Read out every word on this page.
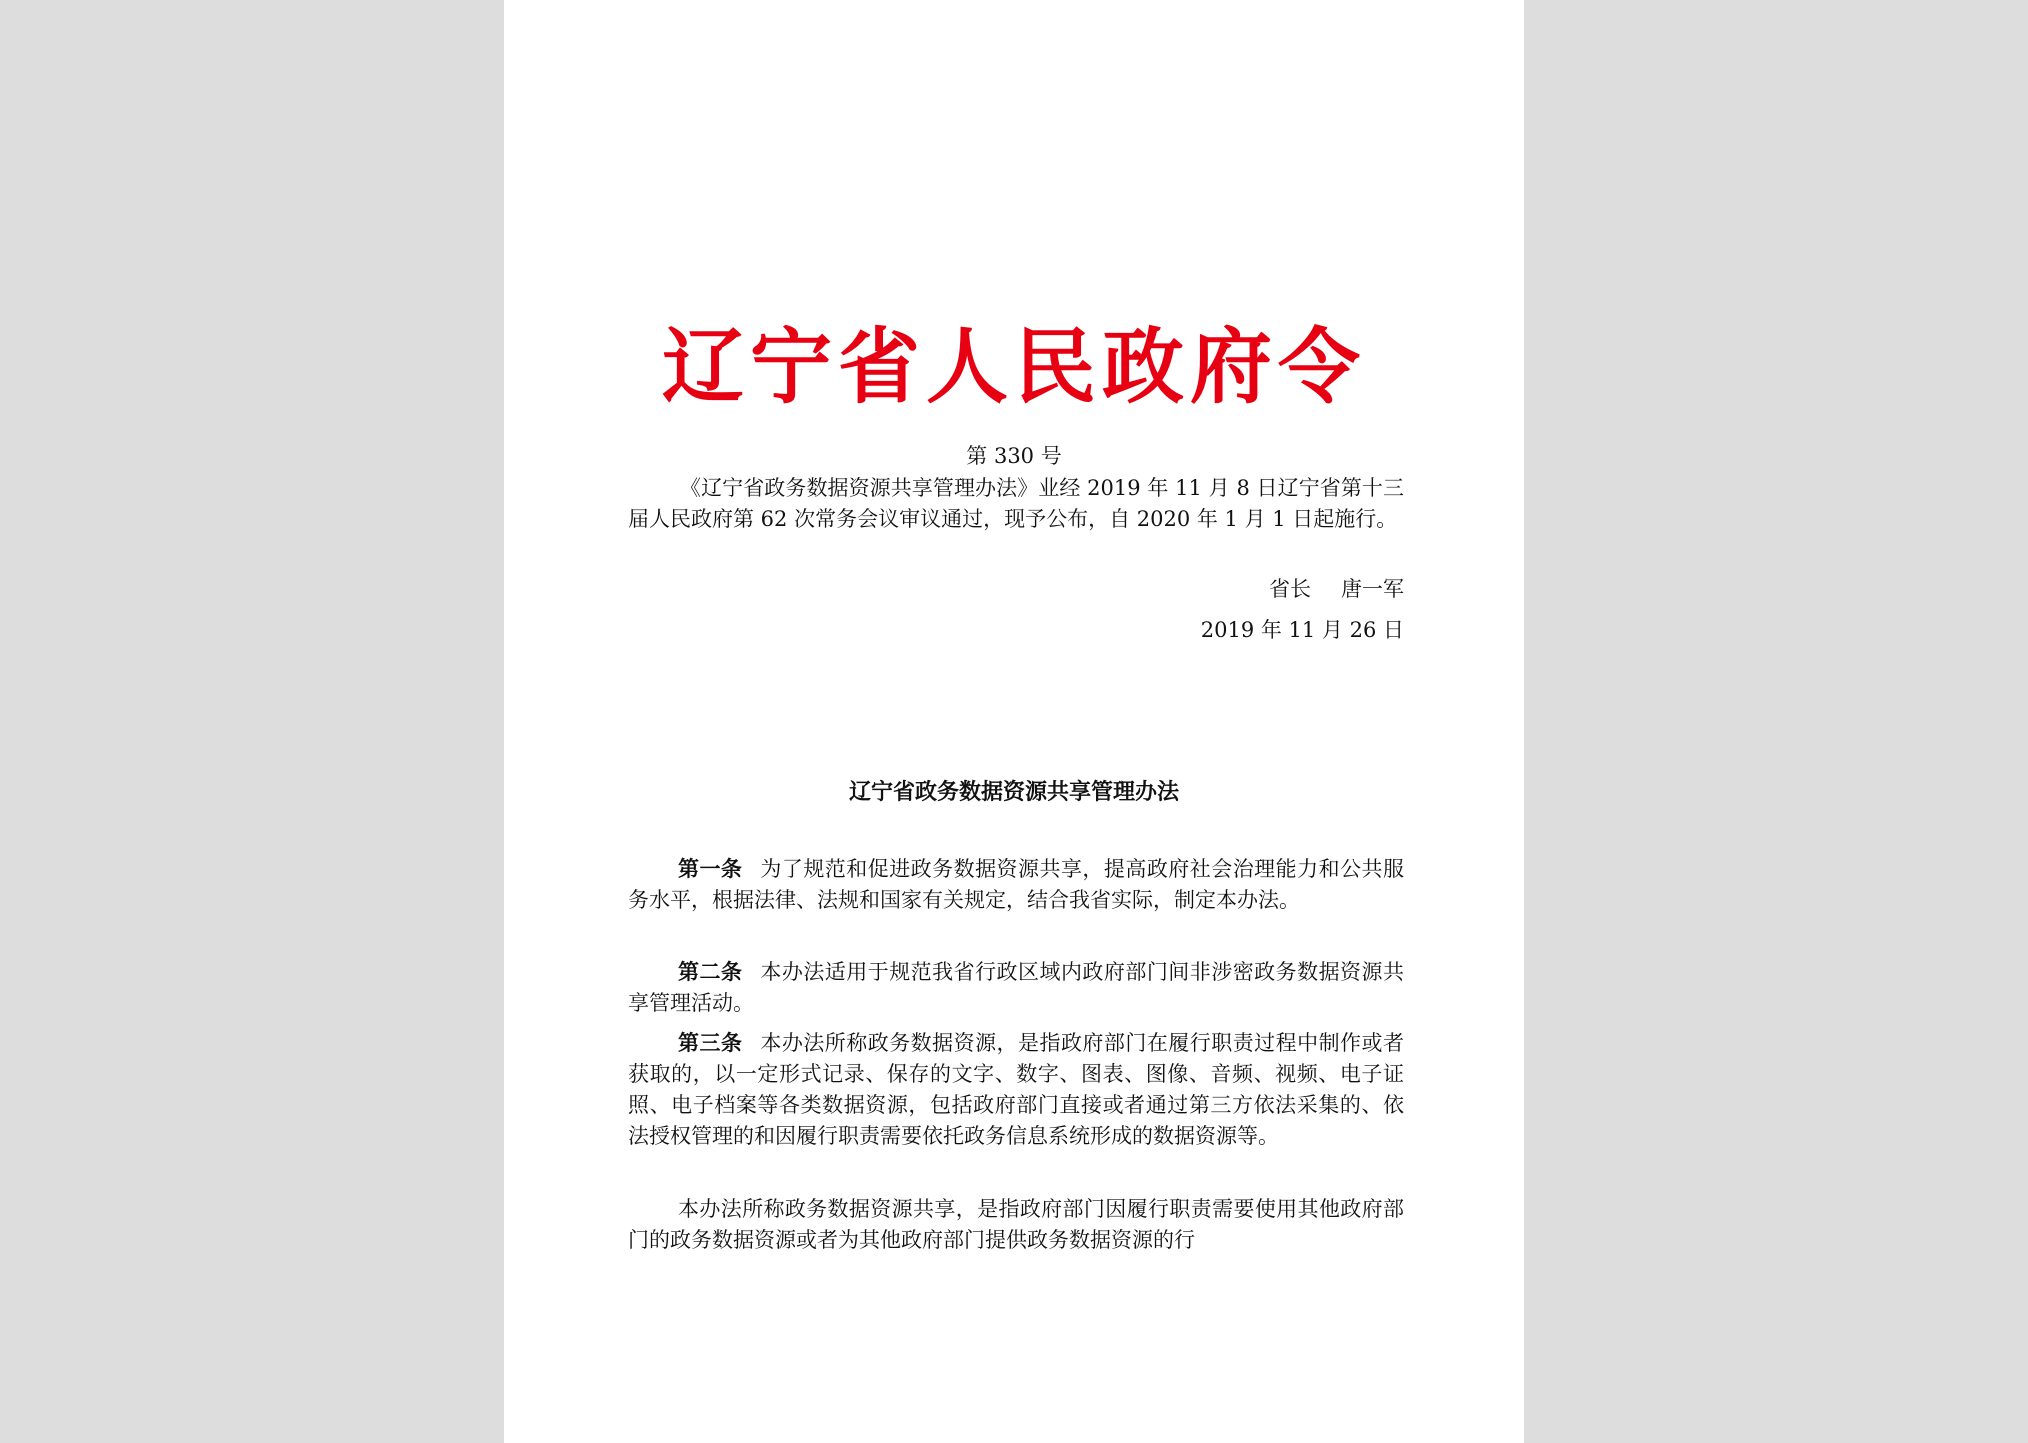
辽宁省人民政府令
第 330 号

《辽宁省政务数据资源共享管理办法》业经 2019 年 11 月 8 日辽宁省第十三届人民政府第 62 次常务会议审议通过，现予公布，自 2020 年 1 月 1 日起施行。

省长 唐一军
2019 年 11 月 26 日
辽宁省政务数据资源共享管理办法

第一条 为了规范和促进政务数据资源共享，提高政府社会治理能力和公共服务水平，根据法律、法规和国家有关规定，结合我省实际，制定本办法。

第二条 本办法适用于规范我省行政区域内政府部门间非涉密政务数据资源共享管理活动。

第三条 本办法所称政务数据资源，是指政府部门在履行职责过程中制作或者获取的，以一定形式记录、保存的文字、数字、图表、图像、音频、视频、电子证照、电子档案等各类数据资源，包括政府部门直接或者通过第三方依法采集的、依法授权管理的和因履行职责需要依托政务信息系统形成的数据资源等。

本办法所称政务数据资源共享，是指政府部门因履行职责需要使用其他政府部门的政务数据资源或者为其他政府部门提供政务数据资源的行
